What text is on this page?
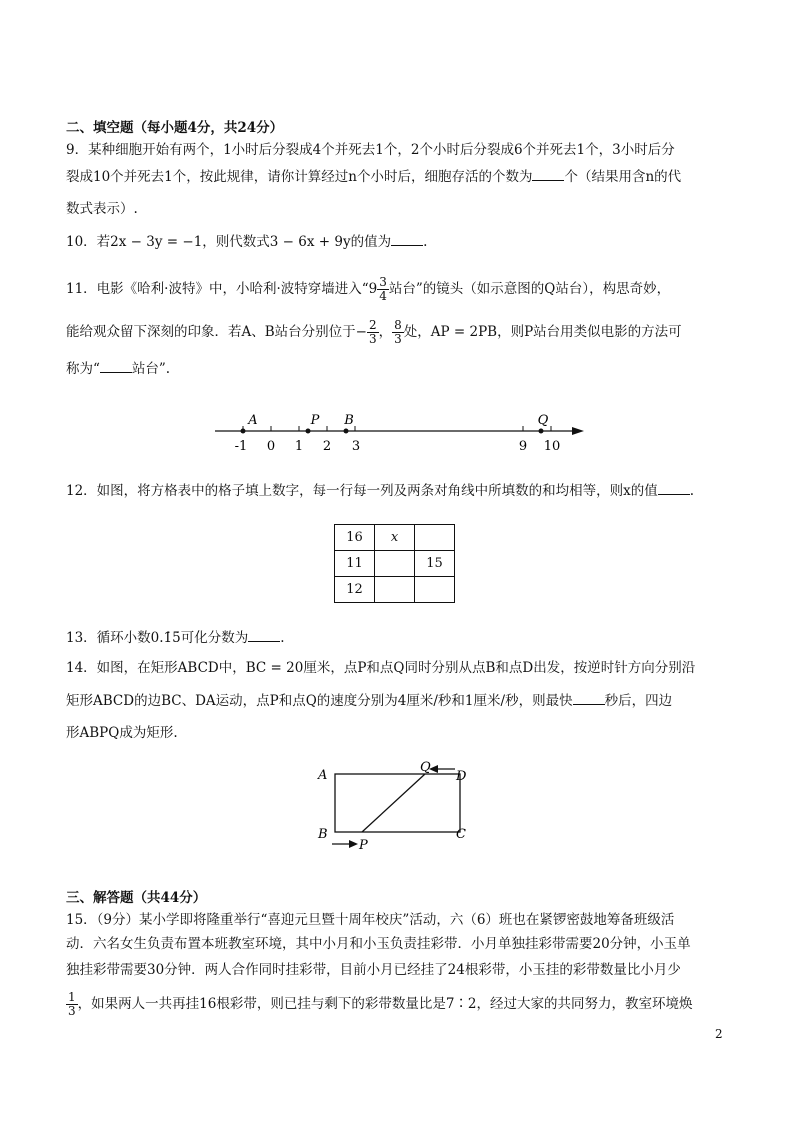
二、填空题（每小题4分，共24分）
9．某种细胞开始有两个，1小时后分裂成4个并死去1个，2个小时后分裂成6个并死去1个，3小时后分
裂成10个并死去1个，按此规律，请你计算经过n个小时后，细胞存活的个数为 个（结果用含n的代
数式表示）.
10．若2x − 3y = −1，则代数式3 − 6x + 9y的值为 .
11．电影《哈利·波特》中，小哈利·波特穿墙进入“$9 \frac{3}{4}$ 站台”的镜头（如示意图的Q站台），构思奇妙，
能给观众留下深刻的印象．若A、B站台分别位于− $\frac{2}{3}$ ， $\frac{8}{3}$ 处，AP = 2PB，则P站台用类似电影的方法可
称为“ 站台”.
-1 0 1 2 3	9 10
A	P B	Q
12．如图，将方格表中的格子填上数字，每一行每一列及两条对角线中所填数的和均相等，则x的值 .
16	x	
11		15
12		
13．循环小数0.1̇5̇可化分数为 .
14．如图，在矩形ABCD中，BC = 20厘米，点P和点Q同时分别从点B和点D出发，按逆时针方向分别沿
矩形ABCD的边BC、DA运动，点P和点Q的速度分别为4厘米/秒和1厘米/秒，则最快 秒后，四边
形ABPQ成为矩形.
A
Q
D
B
P
C
三、解答题（共44分）
15．（9分）某小学即将隆重举行“喜迎元旦暨十周年校庆”活动，六（6）班也在紧锣密鼓地筹备班级活
动．六名女生负责布置本班教室环境，其中小月和小玉负责挂彩带．小月单独挂彩带需要20分钟，小玉单
独挂彩带需要30分钟．两人合作同时挂彩带，目前小月已经挂了24根彩带，小玉挂的彩带数量比小月少
$\frac{1}{3}$ ，如果两人一共再挂16根彩带，则已挂与剩下的彩带数量比是7∶2，经过大家的共同努力，教室环境焕
2
